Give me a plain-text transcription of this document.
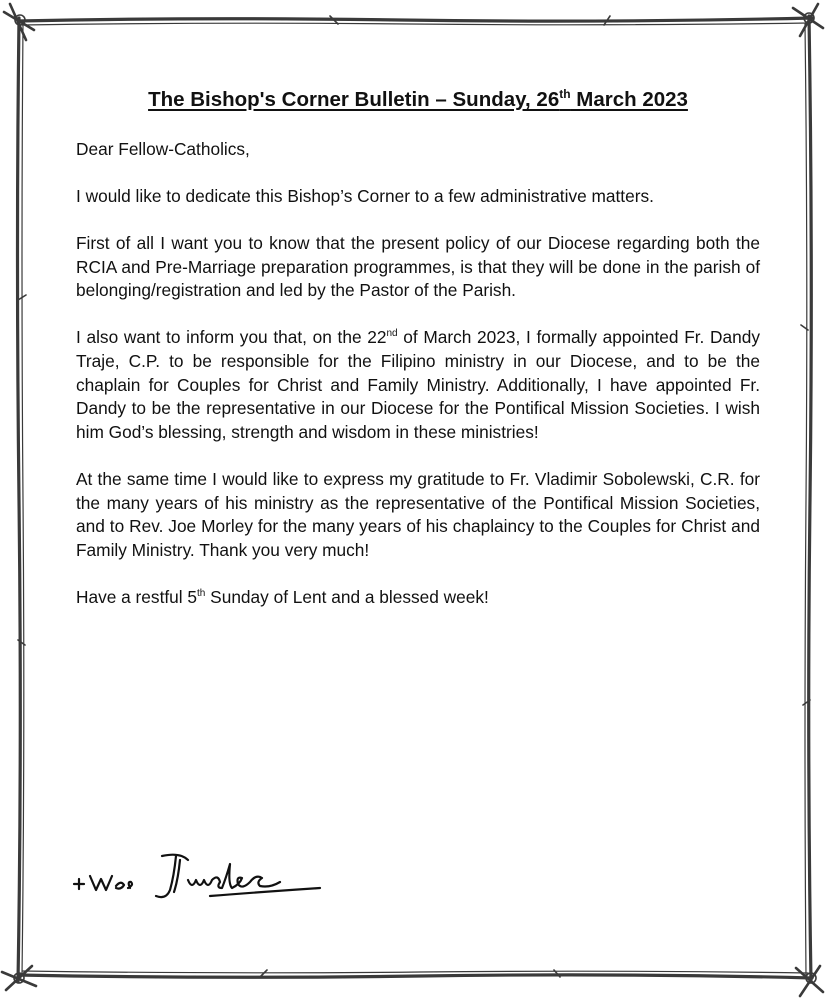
The Bishop's Corner Bulletin – Sunday, 26th March 2023

Dear Fellow-Catholics,

I would like to dedicate this Bishop’s Corner to a few administrative matters.

First of all I want you to know that the present policy of our Diocese regarding both the RCIA and Pre-Marriage preparation programmes, is that they will be done in the parish of belonging/registration and led by the Pastor of the Parish.

I also want to inform you that, on the 22nd of March 2023, I formally appointed Fr. Dandy Traje, C.P. to be responsible for the Filipino ministry in our Diocese, and to be the chaplain for Couples for Christ and Family Ministry. Additionally, I have appointed Fr. Dandy to be the representative in our Diocese for the Pontifical Mission Societies. I wish him God’s blessing, strength and wisdom in these ministries!

At the same time I would like to express my gratitude to Fr. Vladimir Sobolewski, C.R. for the many years of his ministry as the representative of the Pontifical Mission Societies, and to Rev. Joe Morley for the many years of his chaplaincy to the Couples for Christ and Family Ministry. Thank you very much!

Have a restful 5th Sunday of Lent and a blessed week!
